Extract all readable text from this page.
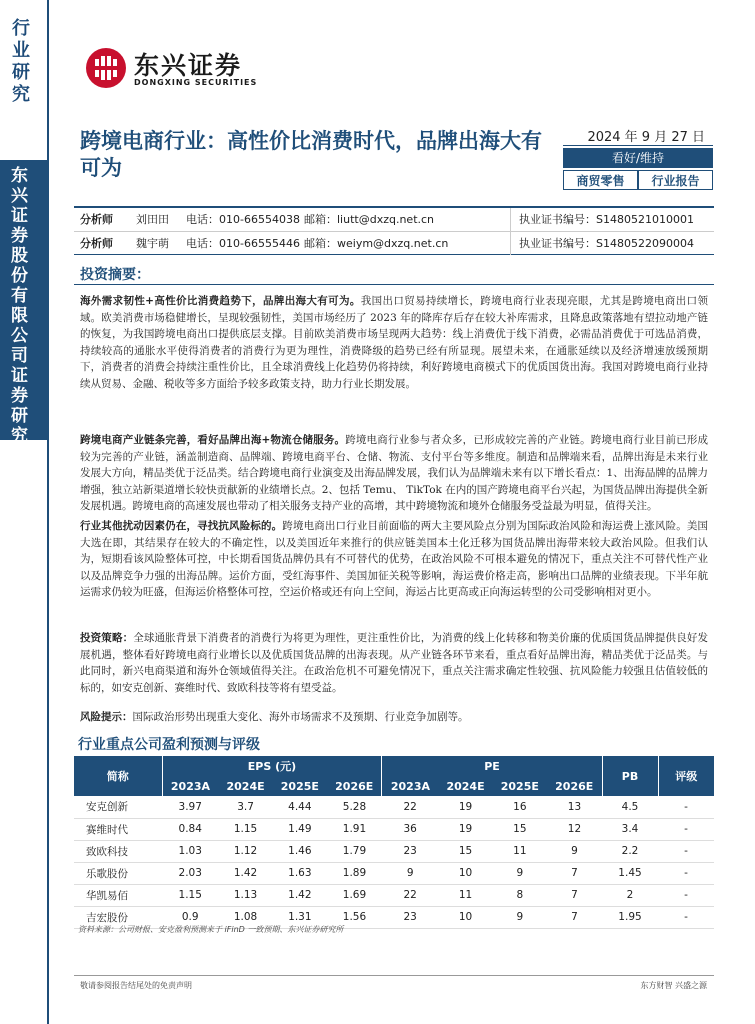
行业研究
东兴证券股份有限公司证券研究报告
东兴证券
DONGXING SECURITIES
跨境电商行业：高性价比消费时代，品牌出海大有可为
2024 年 9 月 27 日
看好/维持
商贸零售	行业报告
分析师	刘田田	电话：010-66554038 邮箱：liutt@dxzq.net.cn	执业证书编号：S1480521010001
分析师	魏宇萌	电话：010-66555446 邮箱：weiym@dxzq.net.cn	执业证书编号：S1480522090004
投资摘要：
海外需求韧性+高性价比消费趋势下，品牌出海大有可为。我国出口贸易持续增长，跨境电商行业表现亮眼，尤其是跨境电商出口领域。欧美消费市场稳健增长，呈现较强韧性，美国市场经历了 2023 年的降库存后存在较大补库需求，且降息政策落地有望拉动地产链的恢复，为我国跨境电商出口提供底层支撑。目前欧美消费市场呈现两大趋势：线上消费优于线下消费，必需品消费优于可选品消费，持续较高的通胀水平使得消费者的消费行为更为理性，消费降级的趋势已经有所显现。展望未来，在通胀延续以及经济增速放缓预期下，消费者的消费会持续注重性价比，且全球消费线上化趋势仍将持续，利好跨境电商模式下的优质国货出海。我国对跨境电商行业持续从贸易、金融、税收等多方面给予较多政策支持，助力行业长期发展。
跨境电商产业链条完善，看好品牌出海+物流仓储服务。跨境电商行业参与者众多，已形成较完善的产业链。跨境电商行业目前已形成较为完善的产业链，涵盖制造商、品牌端、跨境电商平台、仓储、物流、支付平台等多维度。制造和品牌端来看，品牌出海是未来行业发展大方向，精品类优于泛品类。结合跨境电商行业演变及出海品牌发展，我们认为品牌端未来有以下增长看点：1、出海品牌的品牌力增强，独立站新渠道增长较快贡献新的业绩增长点。2、包括 Temu、 TikTok 在内的国产跨境电商平台兴起，为国货品牌出海提供全新发展机遇。跨境电商的高速发展也带动了相关服务支持产业的高增，其中跨境物流和境外仓储服务受益最为明显，值得关注。
行业其他扰动因素仍在，寻找抗风险标的。跨境电商出口行业目前面临的两大主要风险点分别为国际政治风险和海运费上涨风险。美国大选在即，其结果存在较大的不确定性，以及美国近年来推行的供应链美国本土化迁移为国货品牌出海带来较大政治风险。但我们认为，短期看该风险整体可控，中长期看国货品牌仍具有不可替代的优势，在政治风险不可根本避免的情况下，重点关注不可替代性产业以及品牌竞争力强的出海品牌。运价方面，受红海事件、美国加征关税等影响，海运费价格走高，影响出口品牌的业绩表现。下半年航运需求仍较为旺盛，但海运价格整体可控，空运价格或还有向上空间，海运占比更高或正向海运转型的公司受影响相对更小。
投资策略：全球通胀背景下消费者的消费行为将更为理性，更注重性价比，为消费的线上化转移和物美价廉的优质国货品牌提供良好发展机遇，整体看好跨境电商行业增长以及优质国货品牌的出海表现。从产业链各环节来看，重点看好品牌出海，精品类优于泛品类。与此同时，新兴电商渠道和海外仓领域值得关注。在政治危机不可避免情况下，重点关注需求确定性较强、抗风险能力较强且估值较低的标的，如安克创新、赛维时代、致欧科技等将有望受益。
风险提示：国际政治形势出现重大变化、海外市场需求不及预期、行业竞争加剧等。
行业重点公司盈利预测与评级
简称	EPS (元)				PE				PB	评级
	2023A	2024E	2025E	2026E	2023A	2024E	2025E	2026E		
安克创新	3.97	3.7	4.44	5.28	22	19	16	13	4.5	-
赛维时代	0.84	1.15	1.49	1.91	36	19	15	12	3.4	-
致欧科技	1.03	1.12	1.46	1.79	23	15	11	9	2.2	-
乐歌股份	2.03	1.42	1.63	1.89	9	10	9	7	1.45	-
华凯易佰	1.15	1.13	1.42	1.69	22	11	8	7	2	-
吉宏股份	0.9	1.08	1.31	1.56	23	10	9	7	1.95	-
资料来源：公司财报、安克盈利预测来于 iFinD 一致预期、东兴证券研究所
敬请参阅报告结尾处的免责声明	东方财智 兴盛之源
